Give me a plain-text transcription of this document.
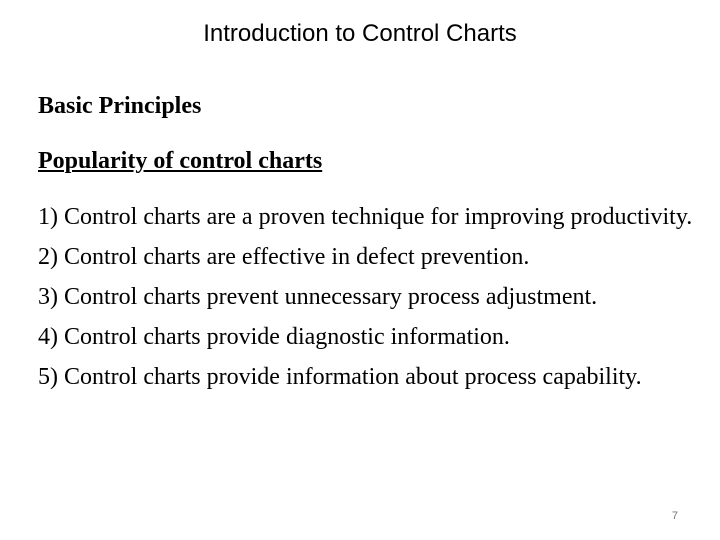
Introduction to Control Charts
Basic Principles
Popularity of control charts
1) Control charts are a proven technique for improving productivity.
2) Control charts are effective in defect prevention.
3) Control charts prevent unnecessary process adjustment.
4) Control charts provide diagnostic information.
5) Control charts provide information about process capability.
7
